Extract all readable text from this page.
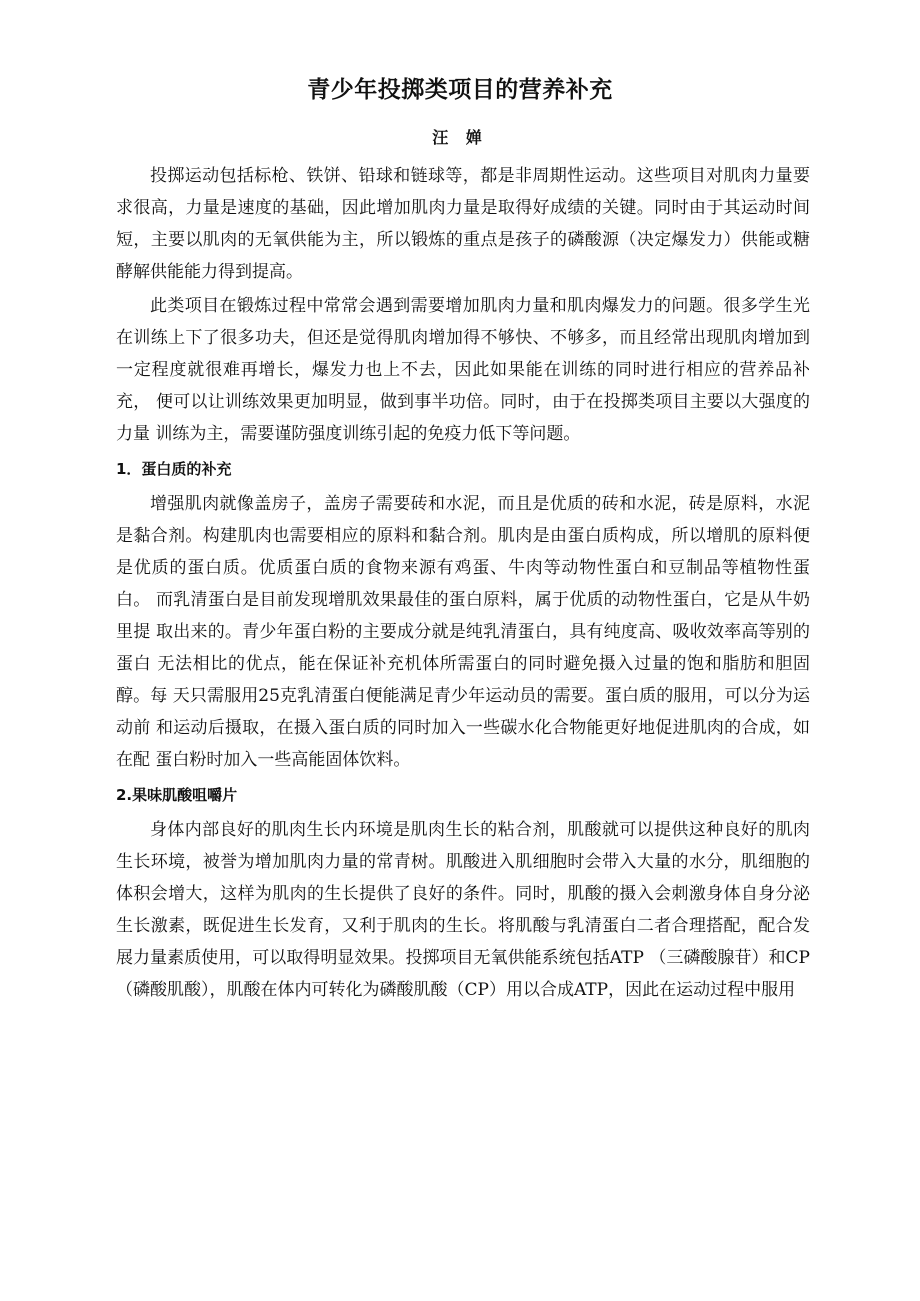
青少年投掷类项目的营养补充
汪 婵

投掷运动包括标枪、铁饼、铅球和链球等，都是非周期性运动。这些项目对肌肉力量要求很高，力量是速度的基础，因此增加肌肉力量是取得好成绩的关键。同时由于其运动时间短，主要以肌肉的无氧供能为主，所以锻炼的重点是孩子的磷酸源（决定爆发力）供能或糖酵解供能能力得到提高。

此类项目在锻炼过程中常常会遇到需要增加肌肉力量和肌肉爆发力的问题。很多学生光在训练上下了很多功夫，但还是觉得肌肉增加得不够快、不够多，而且经常出现肌肉增加到一定程度就很难再增长，爆发力也上不去，因此如果能在训练的同时进行相应的营养品补充， 便可以让训练效果更加明显，做到事半功倍。同时，由于在投掷类项目主要以大强度的力量 训练为主，需要谨防强度训练引起的免疫力低下等问题。

1．蛋白质的补充

增强肌肉就像盖房子，盖房子需要砖和水泥，而且是优质的砖和水泥，砖是原料，水泥是黏合剂。构建肌肉也需要相应的原料和黏合剂。肌肉是由蛋白质构成，所以增肌的原料便是优质的蛋白质。优质蛋白质的食物来源有鸡蛋、牛肉等动物性蛋白和豆制品等植物性蛋白。 而乳清蛋白是目前发现增肌效果最佳的蛋白原料，属于优质的动物性蛋白，它是从牛奶里提 取出来的。青少年蛋白粉的主要成分就是纯乳清蛋白，具有纯度高、吸收效率高等别的蛋白 无法相比的优点，能在保证补充机体所需蛋白的同时避免摄入过量的饱和脂肪和胆固醇。每 天只需服用25克乳清蛋白便能满足青少年运动员的需要。蛋白质的服用，可以分为运动前 和运动后摄取，在摄入蛋白质的同时加入一些碳水化合物能更好地促进肌肉的合成，如在配 蛋白粉时加入一些高能固体饮料。

2.果味肌酸咀嚼片

身体内部良好的肌肉生长内环境是肌肉生长的粘合剂，肌酸就可以提供这种良好的肌肉生长环境，被誉为增加肌肉力量的常青树。肌酸进入肌细胞时会带入大量的水分，肌细胞的体积会增大，这样为肌肉的生长提供了良好的条件。同时，肌酸的摄入会刺激身体自身分泌生长激素，既促进生长发育，又利于肌肉的生长。将肌酸与乳清蛋白二者合理搭配，配合发展力量素质使用，可以取得明显效果。投掷项目无氧供能系统包括ATP （三磷酸腺苷）和CP（磷酸肌酸），肌酸在体内可转化为磷酸肌酸（CP）用以合成ATP，因此在运动过程中服用
